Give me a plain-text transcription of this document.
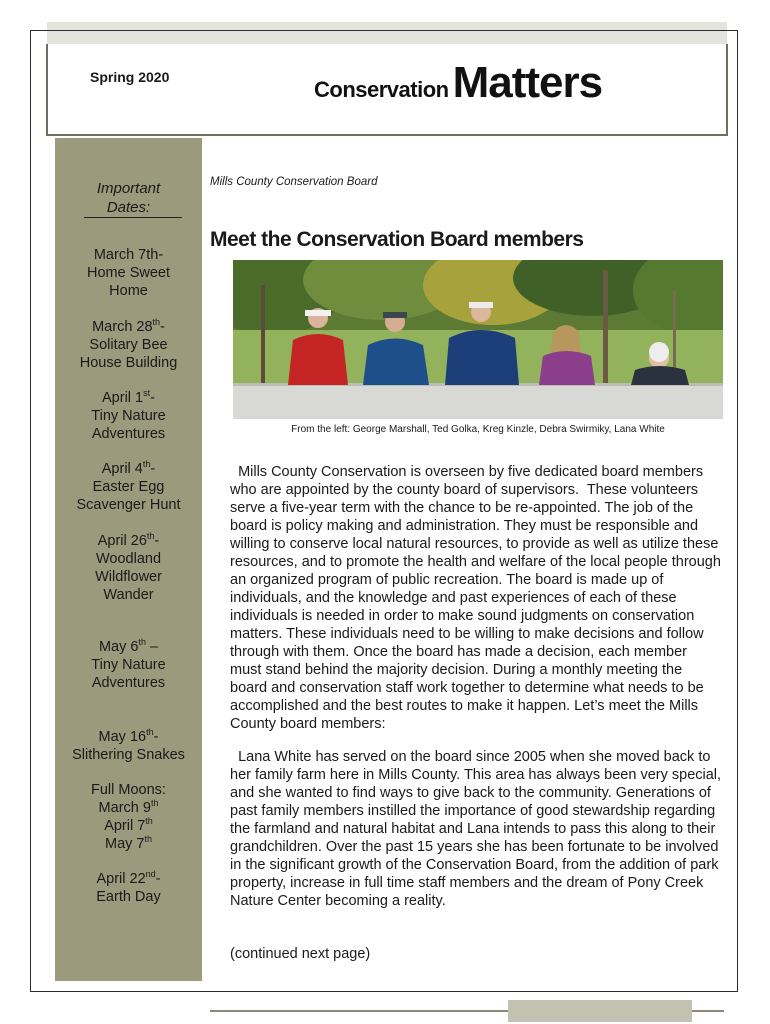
Spring 2020	ConservationMatters
Important
Dates:
March 7th-
Home Sweet
Home
March 28th-
Solitary Bee
House Building
April 1st-
Tiny Nature
Adventures
April 4th-
Easter Egg
Scavenger Hunt
April 26th-
Woodland
Wildflower
Wander
May 6th –
Tiny Nature
Adventures
May 16th-
Slithering Snakes
Full Moons:
March 9th
April 7th
May 7th
April 22nd-
Earth Day
Mills County Conservation Board
Meet the Conservation Board members
From the left: George Marshall, Ted Golka, Kreg Kinzle, Debra Swirmiky, Lana White
Mills County Conservation is overseen by five dedicated board members who are appointed by the county board of supervisors.  These volunteers serve a five-year term with the chance to be re-appointed. The job of the board is policy making and administration. They must be responsible and willing to conserve local natural resources, to provide as well as utilize these resources, and to promote the health and welfare of the local people through an organized program of public recreation. The board is made up of individuals, and the knowledge and past experiences of each of these individuals is needed in order to make sound judgments on conservation matters. These individuals need to be willing to make decisions and follow through with them. Once the board has made a decision, each member must stand behind the majority decision. During a monthly meeting the board and conservation staff work together to determine what needs to be accomplished and the best routes to make it happen. Let’s meet the Mills County board members:
Lana White has served on the board since 2005 when she moved back to her family farm here in Mills County. This area has always been very special, and she wanted to find ways to give back to the community. Generations of past family members instilled the importance of good stewardship regarding the farmland and natural habitat and Lana intends to pass this along to their grandchildren. Over the past 15 years she has been fortunate to be involved in the significant growth of the Conservation Board, from the addition of park property, increase in full time staff members and the dream of Pony Creek Nature Center becoming a reality.
(continued next page)
